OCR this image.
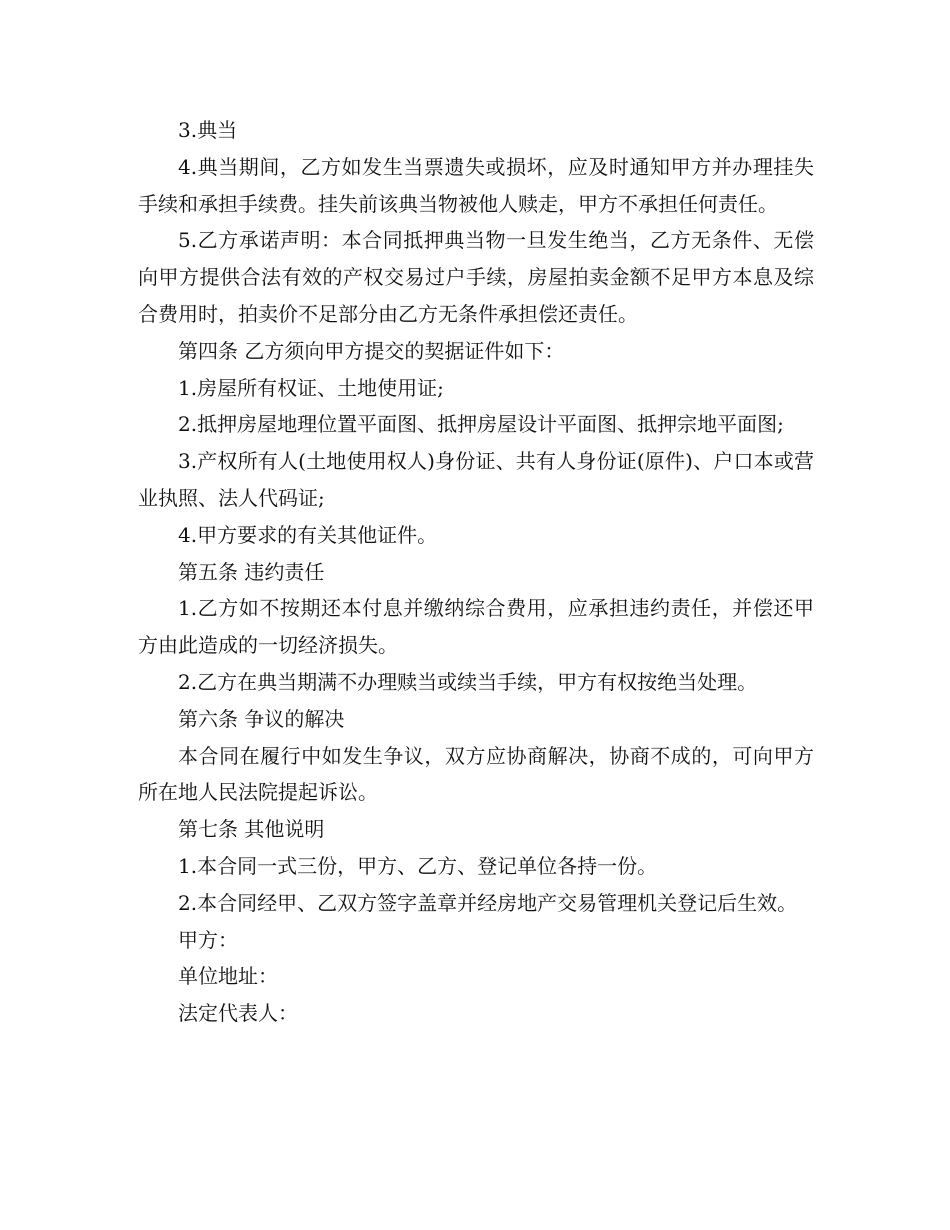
3.典当

4.典当期间，乙方如发生当票遗失或损坏，应及时通知甲方并办理挂失手续和承担手续费。挂失前该典当物被他人赎走，甲方不承担任何责任。

5.乙方承诺声明：本合同抵押典当物一旦发生绝当，乙方无条件、无偿向甲方提供合法有效的产权交易过户手续，房屋拍卖金额不足甲方本息及综合费用时，拍卖价不足部分由乙方无条件承担偿还责任。

第四条 乙方须向甲方提交的契据证件如下：

1.房屋所有权证、土地使用证;

2.抵押房屋地理位置平面图、抵押房屋设计平面图、抵押宗地平面图;

3.产权所有人(土地使用权人)身份证、共有人身份证(原件)、户口本或营业执照、法人代码证;

4.甲方要求的有关其他证件。

第五条 违约责任

1.乙方如不按期还本付息并缴纳综合费用，应承担违约责任，并偿还甲方由此造成的一切经济损失。

2.乙方在典当期满不办理赎当或续当手续，甲方有权按绝当处理。

第六条 争议的解决

本合同在履行中如发生争议，双方应协商解决，协商不成的，可向甲方所在地人民法院提起诉讼。

第七条 其他说明

1.本合同一式三份，甲方、乙方、登记单位各持一份。

2.本合同经甲、乙双方签字盖章并经房地产交易管理机关登记后生效。

甲方：

单位地址：

法定代表人：
